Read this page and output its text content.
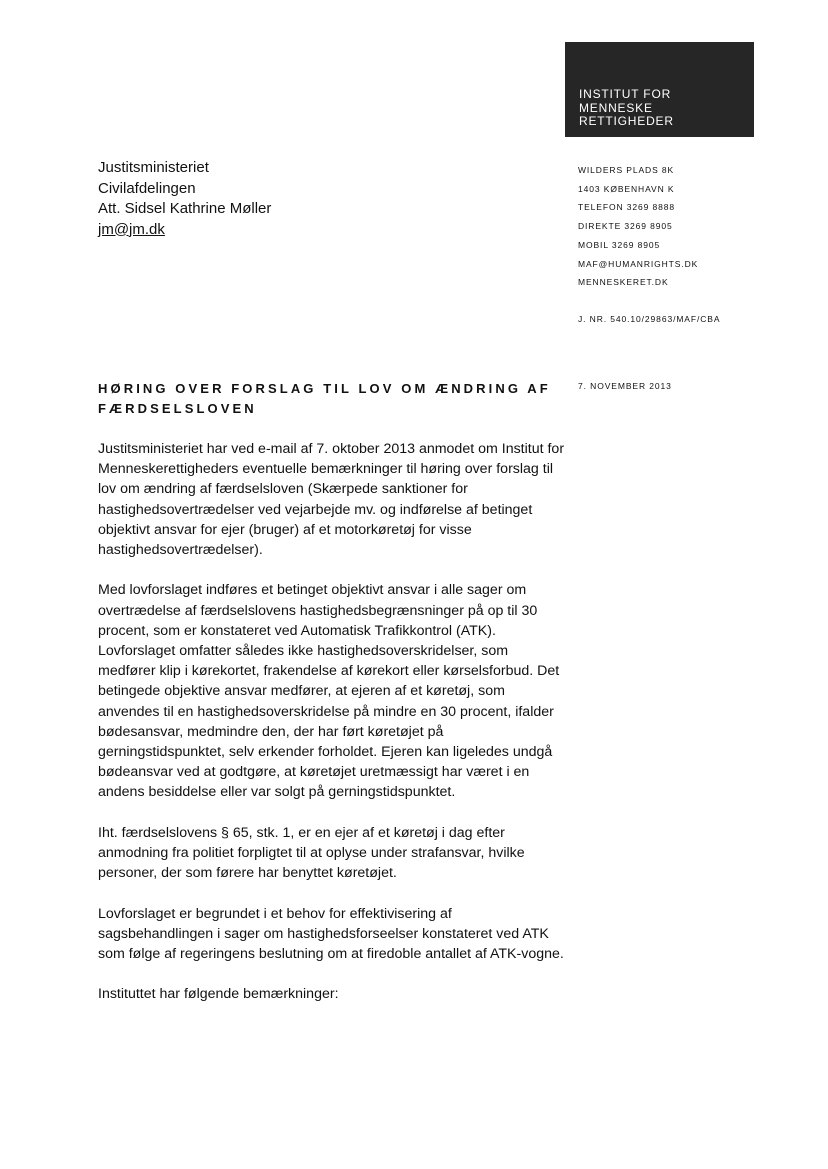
INSTITUT FOR
MENNESKE
RETTIGHEDER
Justitsministeriet
Civilafdelingen
Att. Sidsel Kathrine Møller
jm@jm.dk
WILDERS PLADS 8K
1403 KØBENHAVN K
TELEFON 3269 8888
DIREKTE 3269 8905
MOBIL 3269 8905
MAF@HUMANRIGHTS.DK
MENNESKERET.DK
J. NR. 540.10/29863/MAF/CBA
7. NOVEMBER 2013
HØRING OVER FORSLAG TIL LOV OM ÆNDRING AF FÆRDSELSLOVEN

Justitsministeriet har ved e-mail af 7. oktober 2013 anmodet om Institut for Menneskerettigheders eventuelle bemærkninger til høring over forslag til lov om ændring af færdselsloven (Skærpede sanktioner for hastighedsovertrædelser ved vejarbejde mv. og indførelse af betinget objektivt ansvar for ejer (bruger) af et motorkøretøj for visse hastighedsovertrædelser).

Med lovforslaget indføres et betinget objektivt ansvar i alle sager om overtrædelse af færdselslovens hastighedsbegrænsninger på op til 30 procent, som er konstateret ved Automatisk Trafikkontrol (ATK). Lovforslaget omfatter således ikke hastighedsoverskridelser, som medfører klip i kørekortet, frakendelse af kørekort eller kørselsforbud. Det betingede objektive ansvar medfører, at ejeren af et køretøj, som anvendes til en hastighedsoverskridelse på mindre en 30 procent, ifalder bødesansvar, medmindre den, der har ført køretøjet på gerningstidspunktet, selv erkender forholdet. Ejeren kan ligeledes undgå bødeansvar ved at godtgøre, at køretøjet uretmæssigt har været i en andens besiddelse eller var solgt på gerningstidspunktet.

Iht. færdselslovens § 65, stk. 1, er en ejer af et køretøj i dag efter anmodning fra politiet forpligtet til at oplyse under strafansvar, hvilke personer, der som førere har benyttet køretøjet.

Lovforslaget er begrundet i et behov for effektivisering af sagsbehandlingen i sager om hastighedsforseelser konstateret ved ATK som følge af regeringens beslutning om at firedoble antallet af ATK-vogne.

Instituttet har følgende bemærkninger:
